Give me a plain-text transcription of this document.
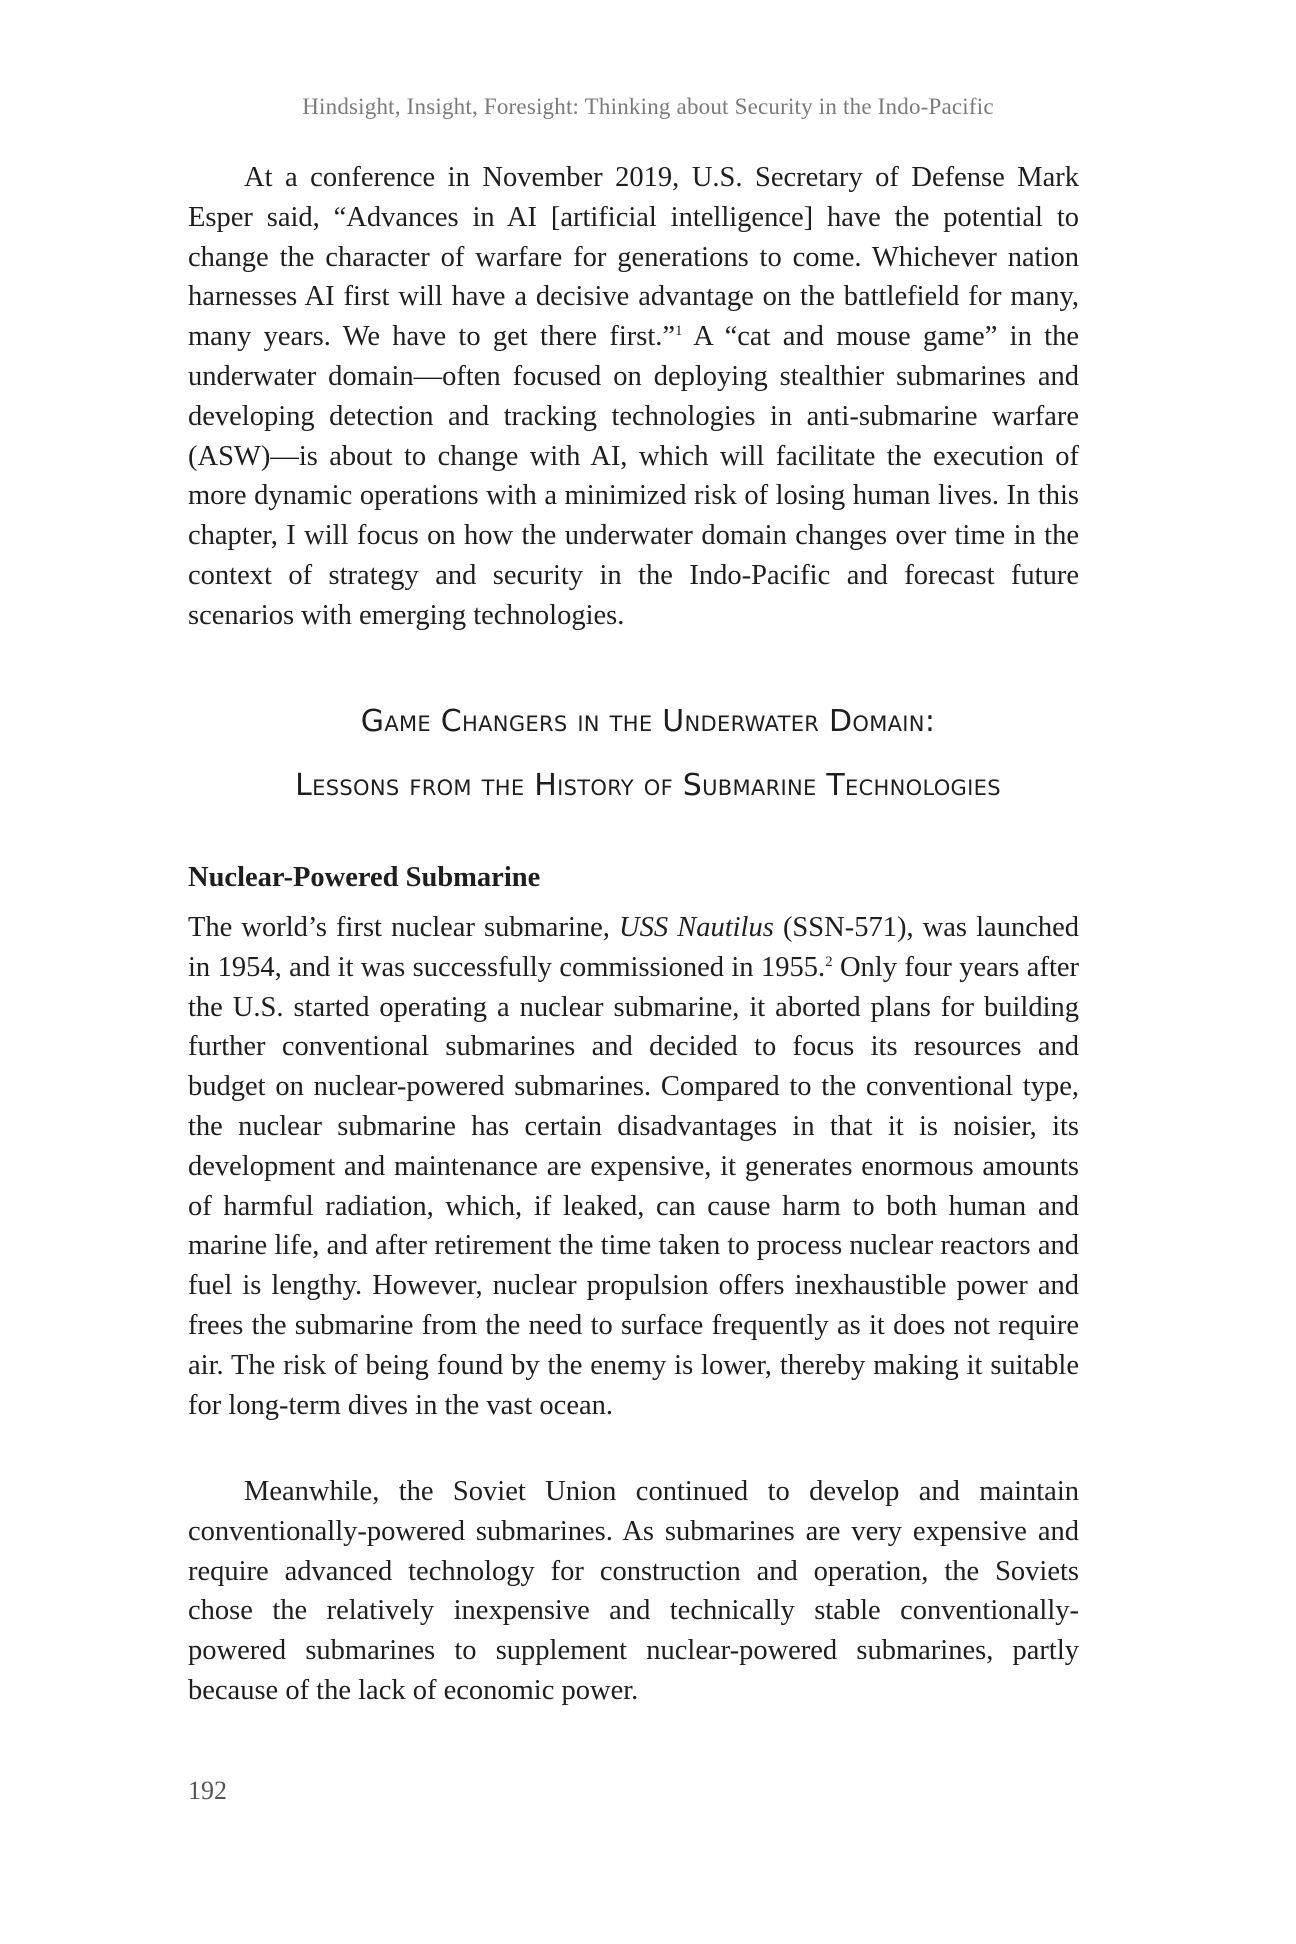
Hindsight, Insight, Foresight: Thinking about Security in the Indo-Pacific

At a conference in November 2019, U.S. Secretary of Defense Mark Esper said, “Advances in AI [artificial intelligence] have the potential to change the character of warfare for generations to come. Whichever nation harnesses AI first will have a decisive advantage on the battlefield for many, many years. We have to get there first.”$^1$ A “cat and mouse game” in the underwater domain—often focused on deploying stealthier submarines and developing detection and tracking technologies in anti-submarine warfare (ASW)—is about to change with AI, which will facilitate the execution of more dynamic operations with a minimized risk of losing human lives. In this chapter, I will focus on how the underwater domain changes over time in the context of strategy and security in the Indo-Pacific and forecast future scenarios with emerging technologies.

Game Changers in the Underwater Domain:
Lessons from the History of Submarine Technologies

Nuclear-Powered Submarine

The world’s first nuclear submarine, USS Nautilus (SSN-571), was launched in 1954, and it was successfully commissioned in 1955.$^2$ Only four years after the U.S. started operating a nuclear submarine, it aborted plans for building further conventional submarines and decided to focus its resources and budget on nuclear-powered submarines. Compared to the conventional type, the nuclear submarine has certain disadvantages in that it is noisier, its development and maintenance are expensive, it generates enormous amounts of harmful radiation, which, if leaked, can cause harm to both human and marine life, and after retirement the time taken to process nuclear reactors and fuel is lengthy. However, nuclear propulsion offers inexhaustible power and frees the submarine from the need to surface frequently as it does not require air. The risk of being found by the enemy is lower, thereby making it suitable for long-term dives in the vast ocean.

Meanwhile, the Soviet Union continued to develop and maintain conventionally-powered submarines. As submarines are very expensive and require advanced technology for construction and operation, the Soviets chose the relatively inexpensive and technically stable conventionally-powered submarines to supplement nuclear-powered submarines, partly because of the lack of economic power.

192
